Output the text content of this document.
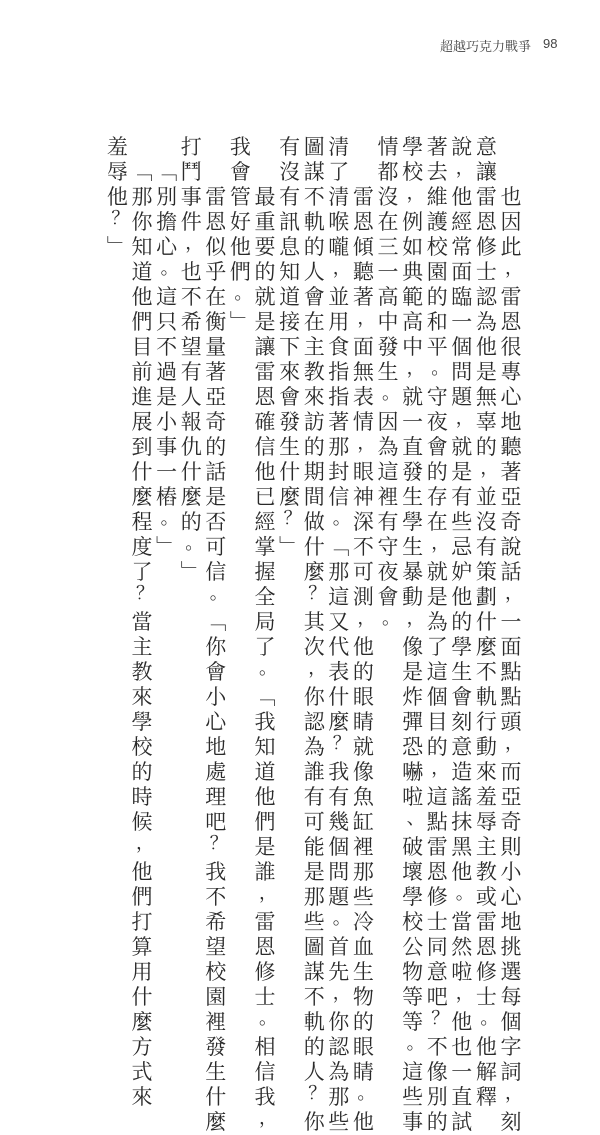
超越巧克力戰爭 98
也
因
此
，
雷
恩
很
專
心
地
聽
著
亞
奇
說
話
，
一
面
點
點
頭
，
而
亞
奇
則
小
心
地
挑
選
每
個
字
詞
，
刻
意
讓
雷
恩
修
士
認
為
他
是
無
辜
的
，
並
沒
有
策
劃
什
麼
不
軌
行
動
來
羞
辱
主
教
或
雷
恩
修
士
。
他
解
釋
說
，
他
經
常
面
臨
一
個
問
題
，
就
是
有
些
忌
妒
他
的
學
生
會
刻
意
造
謠
抹
黑
他
。
當
然
啦
，
他
也
一
直
試
著
去
維
護
校
園
的
和
平
。
守
夜
會
的
存
在
，
就
是
為
了
這
個
目
的
，
這
點
雷
恩
修
士
同
意
吧
？
不
像
別
的
學
校
，
例
如
典
範
高
中
，
就
一
直
發
生
學
生
暴
動
，
像
是
炸
彈
恐
嚇
啦
、
破
壞
學
校
公
物
等
等
。
這
些
事
情
都
沒
在
三
一
高
中
發
生
。
因
為
這
裡
有
守
夜
會
。
雷
恩
傾
聽
著
，
面
無
表
情
，
眼
神
深
不
可
測
，
他
的
眼
睛
就
像
魚
缸
裡
那
些
冷
血
生
物
的
眼
睛
。
他
清
了
清
喉
嚨
，
並
用
食
指
指
著
那
封
信
。
﹁
那
這
又
代
表
什
麼
？
我
有
幾
個
問
題
。
首
先
，
你
認
為
那
些
圖
謀
不
軌
的
人
會
在
主
教
來
訪
的
期
間
做
什
麼
？
其
次
，
你
認
為
誰
有
可
能
是
那
些
圖
謀
不
軌
的
人
？
你
有
沒
有
訊
息
知
道
接
下
來
會
發
生
什
麼
？
﹂
最
重
要
的
就
是
讓
雷
恩
確
信
他
已
經
掌
握
全
局
了
。
﹁
我
知
道
他
們
是
誰
，
雷
恩
修
士
。
相
信
我
，
我
會
管
好
他
們
。
﹂
雷
恩
似
乎
在
衡
量
著
亞
奇
的
話
是
否
可
信
。
﹁
你
會
小
心
地
處
理
吧
？
我
不
希
望
校
園
裡
發
生
什
麼
打
鬥
事
件
，
也
不
希
望
有
人
報
仇
什
麼
的
。
﹂
﹁
別
擔
心
。
這
只
不
過
是
小
事
一
樁
。
﹂
﹁
那
你
知
道
他
們
目
前
進
展
到
什
麼
程
度
了
？
當
主
教
來
學
校
的
時
候
，
他
們
打
算
用
什
麼
方
式
來
羞
辱
他
？
﹂
